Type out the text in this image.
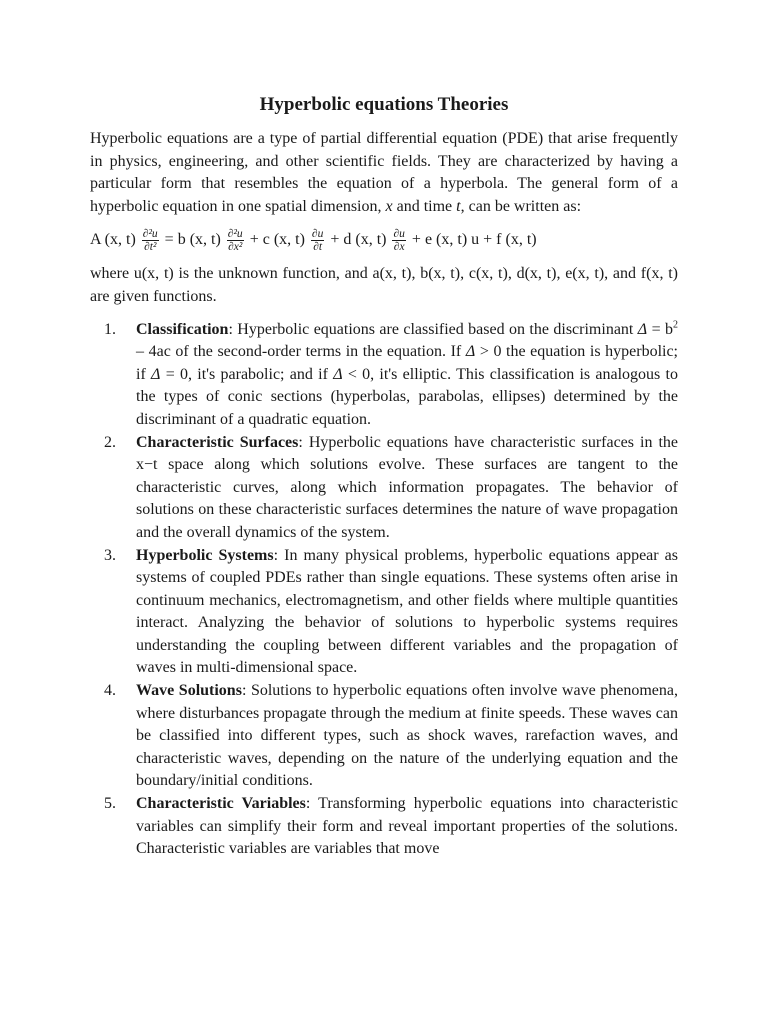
Hyperbolic equations Theories

Hyperbolic equations are a type of partial differential equation (PDE) that arise frequently in physics, engineering, and other scientific fields. They are characterized by having a particular form that resembles the equation of a hyperbola. The general form of a hyperbolic equation in one spatial dimension, x and time t, can be written as:

A (x, $t) \frac{\text{∂²u}}{\text{∂t²}} = b$ (x, $t) \frac{\text{∂²u}}{\text{∂x²}} + c$ (x, $t) \frac{\partial u}{\partial t} + d$ (x, $t) \frac{\partial u}{\partial x} + e$ (x, t) u + f (x, t)

where u(x, t) is the unknown function, and a(x, t), b(x, t), c(x, t), d(x, t), e(x, t), and f(x, t) are given functions.

1. Classification: Hyperbolic equations are classified based on the discriminant $\Delta = b^2 - 4ac$ of the second-order terms in the equation. If Δ > 0 the equation is hyperbolic; if Δ = 0, it's parabolic; and if Δ < 0, it's elliptic. This classification is analogous to the types of conic sections (hyperbolas, parabolas, ellipses) determined by the discriminant of a quadratic equation.
2. Characteristic Surfaces: Hyperbolic equations have characteristic surfaces in the x−t space along which solutions evolve. These surfaces are tangent to the characteristic curves, along which information propagates. The behavior of solutions on these characteristic surfaces determines the nature of wave propagation and the overall dynamics of the system.
3. Hyperbolic Systems: In many physical problems, hyperbolic equations appear as systems of coupled PDEs rather than single equations. These systems often arise in continuum mechanics, electromagnetism, and other fields where multiple quantities interact. Analyzing the behavior of solutions to hyperbolic systems requires understanding the coupling between different variables and the propagation of waves in multi-dimensional space.
4. Wave Solutions: Solutions to hyperbolic equations often involve wave phenomena, where disturbances propagate through the medium at finite speeds. These waves can be classified into different types, such as shock waves, rarefaction waves, and characteristic waves, depending on the nature of the underlying equation and the boundary/initial conditions.
5. Characteristic Variables: Transforming hyperbolic equations into characteristic variables can simplify their form and reveal important properties of the solutions. Characteristic variables are variables that move
